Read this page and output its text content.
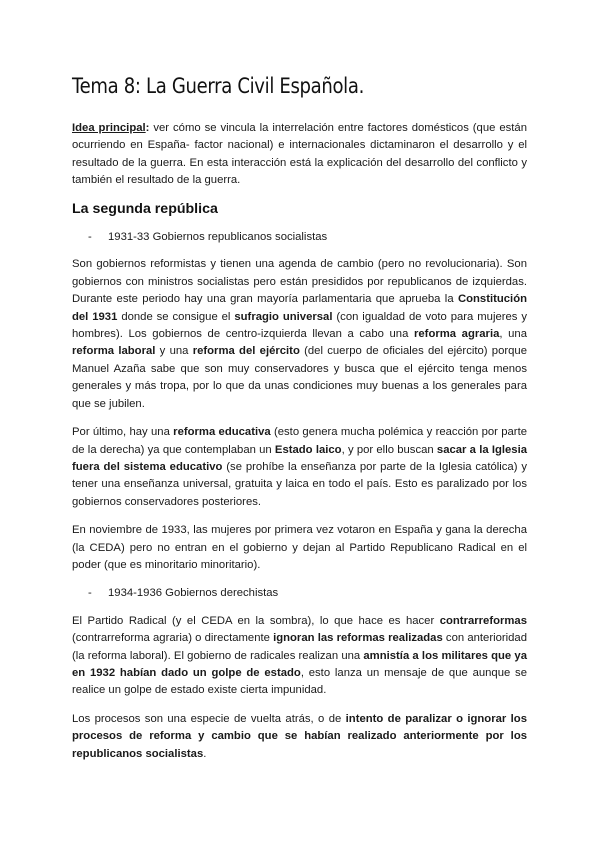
Tema 8: La Guerra Civil Española.

Idea principal: ver cómo se vincula la interrelación entre factores domésticos (que están ocurriendo en España- factor nacional) e internacionales dictaminaron el desarrollo y el resultado de la guerra. En esta interacción está la explicación del desarrollo del conflicto y también el resultado de la guerra.

La segunda república
-	1931-33 Gobiernos republicanos socialistas

Son gobiernos reformistas y tienen una agenda de cambio (pero no revolucionaria). Son gobiernos con ministros socialistas pero están presididos por republicanos de izquierdas. Durante este periodo hay una gran mayoría parlamentaria que aprueba la Constitución del 1931 donde se consigue el sufragio universal (con igualdad de voto para mujeres y hombres). Los gobiernos de centro-izquierda llevan a cabo una reforma agraria, una reforma laboral y una reforma del ejército (del cuerpo de oficiales del ejército) porque Manuel Azaña sabe que son muy conservadores y busca que el ejército tenga menos generales y más tropa, por lo que da unas condiciones muy buenas a los generales para que se jubilen.

Por último, hay una reforma educativa (esto genera mucha polémica y reacción por parte de la derecha) ya que contemplaban un Estado laico, y por ello buscan sacar a la Iglesia fuera del sistema educativo (se prohíbe la enseñanza por parte de la Iglesia católica) y tener una enseñanza universal, gratuita y laica en todo el país. Esto es paralizado por los gobiernos conservadores posteriores.

En noviembre de 1933, las mujeres por primera vez votaron en España y gana la derecha (la CEDA) pero no entran en el gobierno y dejan al Partido Republicano Radical en el poder (que es minoritario minoritario).

-	1934-1936 Gobiernos derechistas

El Partido Radical (y el CEDA en la sombra), lo que hace es hacer contrarreformas (contrarreforma agraria) o directamente ignoran las reformas realizadas con anterioridad (la reforma laboral). El gobierno de radicales realizan una amnistía a los militares que ya en 1932 habían dado un golpe de estado, esto lanza un mensaje de que aunque se realice un golpe de estado existe cierta impunidad.

Los procesos son una especie de vuelta atrás, o de intento de paralizar o ignorar los procesos de reforma y cambio que se habían realizado anteriormente por los republicanos socialistas.
